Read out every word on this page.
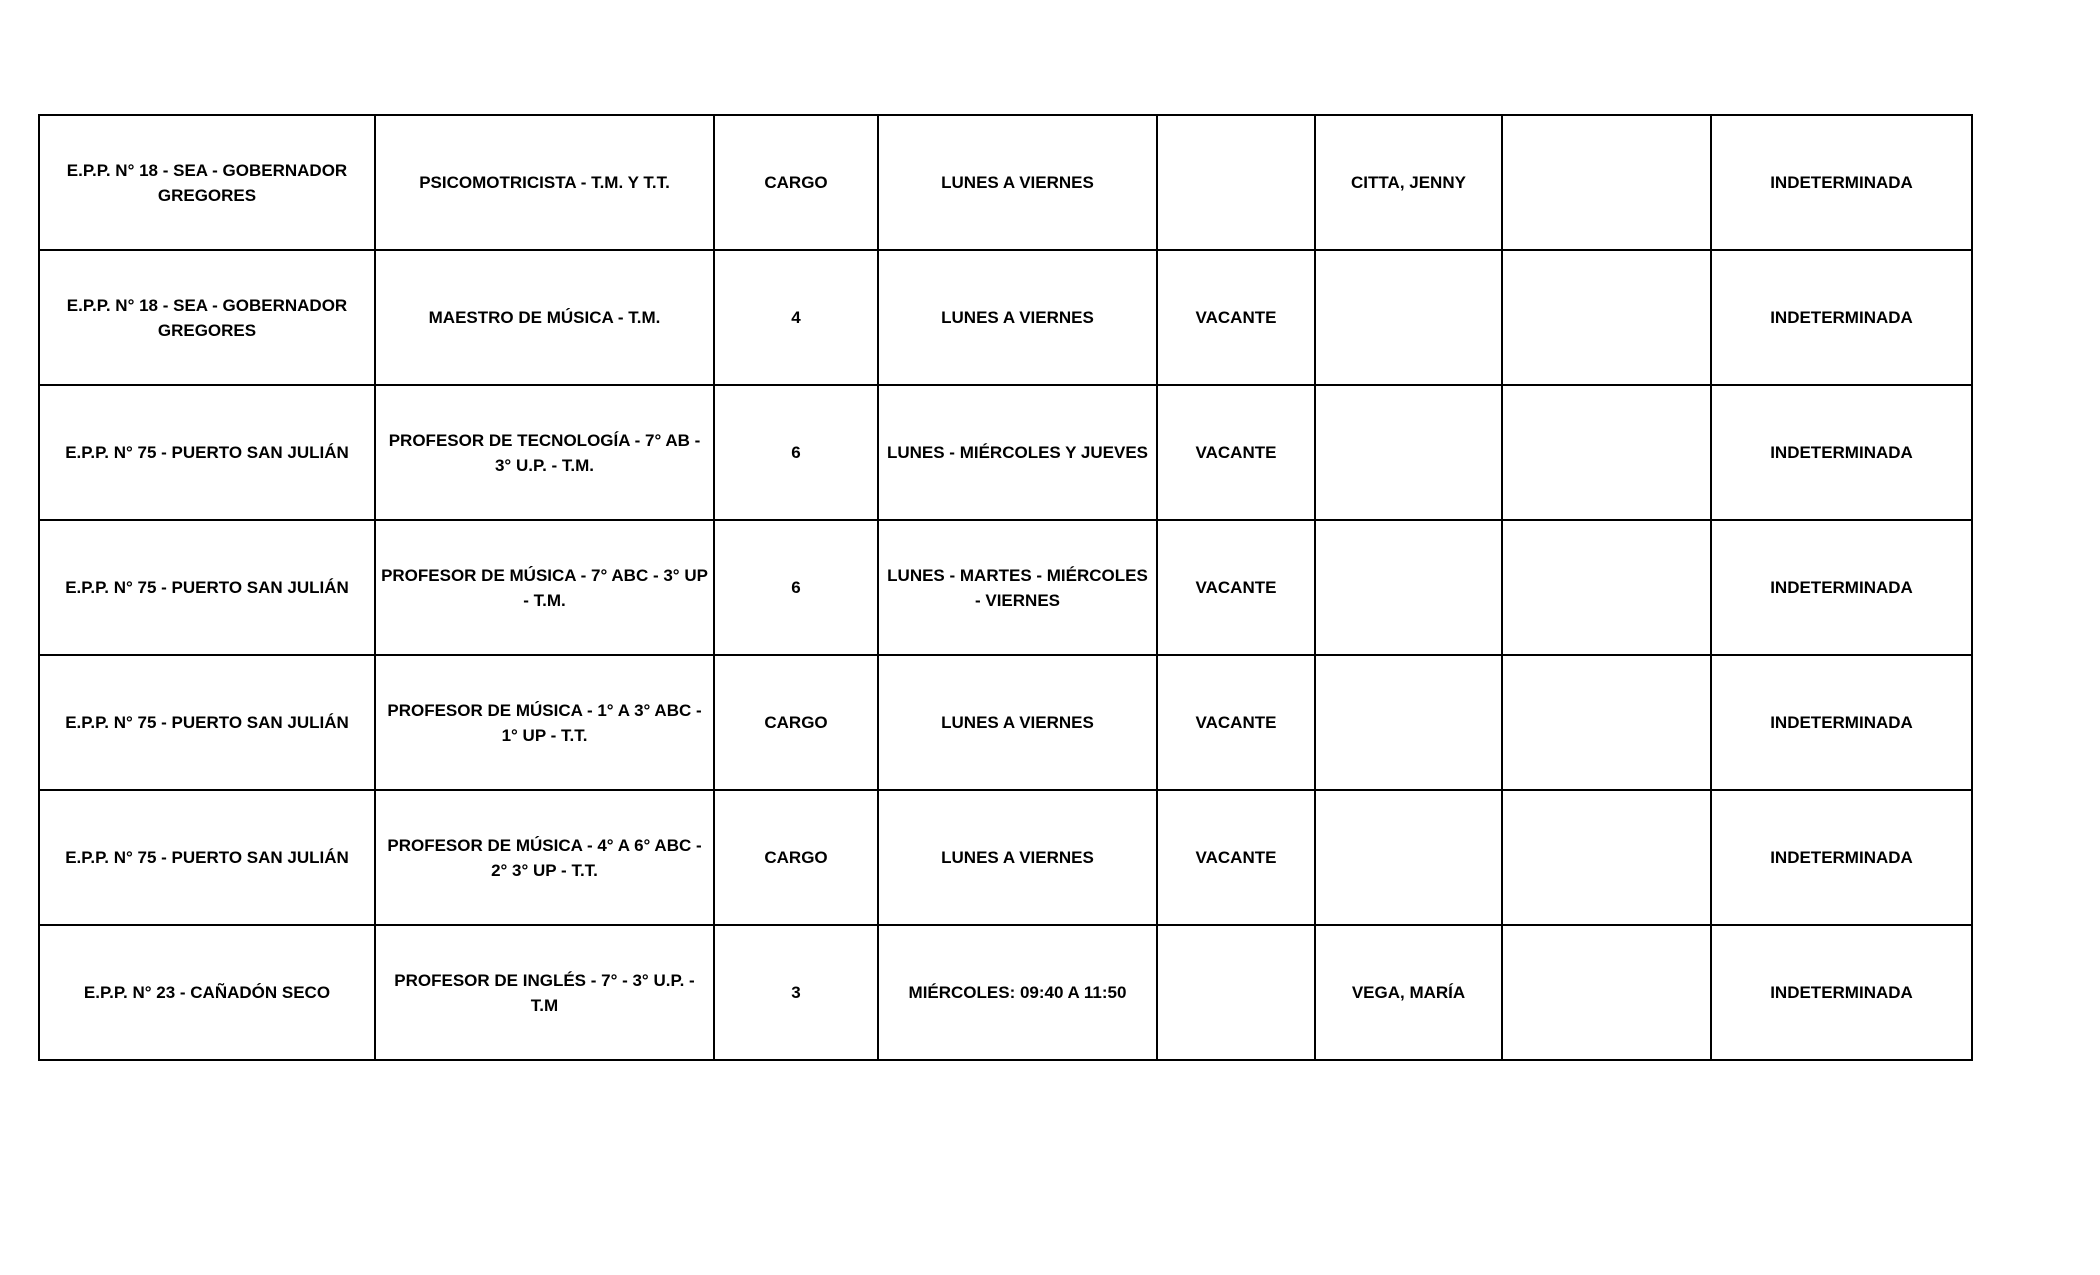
E.P.P. N° 18 - SEA - GOBERNADOR GREGORES	PSICOMOTRICISTA - T.M. Y T.T.	CARGO	LUNES A VIERNES		CITTA, JENNY		INDETERMINADA
E.P.P. N° 18 - SEA - GOBERNADOR GREGORES	MAESTRO DE MÚSICA - T.M.	4	LUNES A VIERNES	VACANTE			INDETERMINADA
E.P.P. N° 75 - PUERTO SAN JULIÁN	PROFESOR DE TECNOLOGÍA - 7° AB - 3° U.P. - T.M.	6	LUNES - MIÉRCOLES Y JUEVES	VACANTE			INDETERMINADA
E.P.P. N° 75 - PUERTO SAN JULIÁN	PROFESOR DE MÚSICA - 7° ABC - 3° UP - T.M.	6	LUNES - MARTES - MIÉRCOLES - VIERNES	VACANTE			INDETERMINADA
E.P.P. N° 75 - PUERTO SAN JULIÁN	PROFESOR DE MÚSICA - 1° A 3° ABC - 1° UP - T.T.	CARGO	LUNES A VIERNES	VACANTE			INDETERMINADA
E.P.P. N° 75 - PUERTO SAN JULIÁN	PROFESOR DE MÚSICA - 4° A 6° ABC - 2° 3° UP - T.T.	CARGO	LUNES A VIERNES	VACANTE			INDETERMINADA
E.P.P. N° 23 - CAÑADÓN SECO	PROFESOR DE INGLÉS - 7° - 3° U.P. - T.M	3	MIÉRCOLES: 09:40 A 11:50		VEGA, MARÍA		INDETERMINADA
